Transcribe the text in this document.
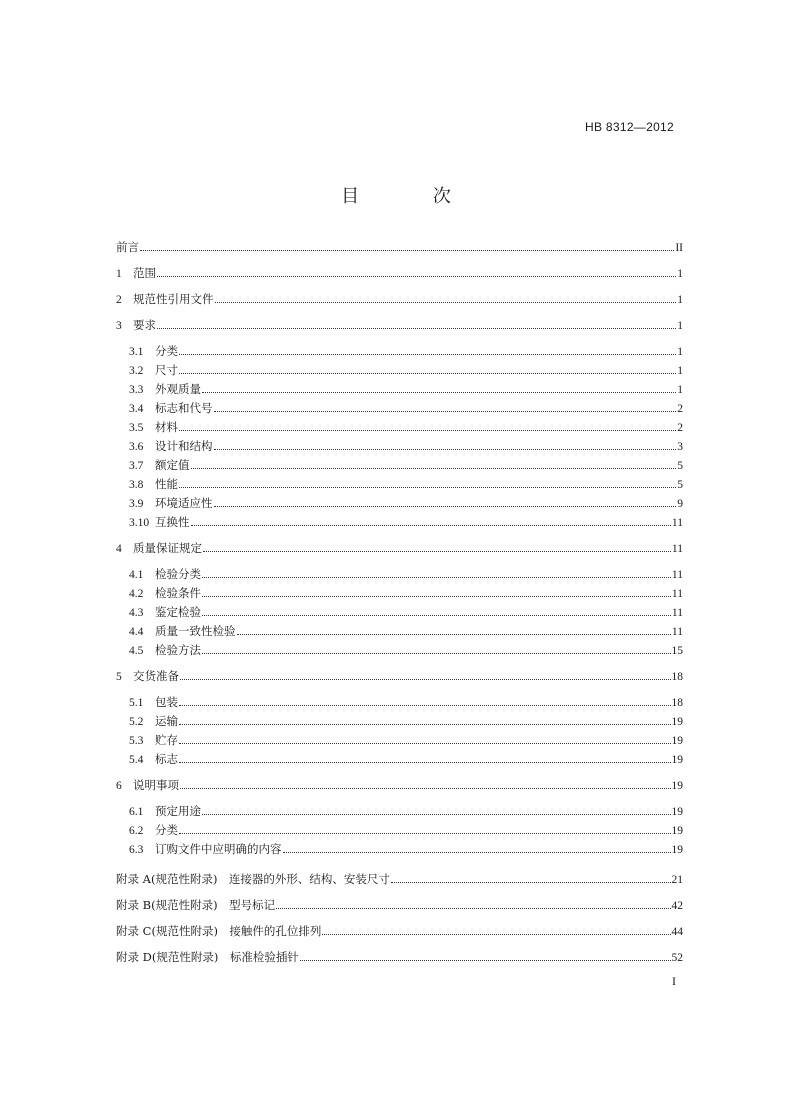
HB 8312—2012
目 次
前言	II
1 范围	1
2 规范性引用文件	1
3 要求	1
3.1	分类	1
3.2	尺寸	1
3.3	外观质量	1
3.4	标志和代号	2
3.5	材料	2
3.6	设计和结构	3
3.7	额定值	5
3.8	性能	5
3.9	环境适应性	9
3.10 互换性	11
4 质量保证规定	11
4.1	检验分类	11
4.2	检验条件	11
4.3	鉴定检验	11
4.4	质量一致性检验	11
4.5	检验方法	15
5 交货准备	18
5.1	包装	18
5.2	运输	19
5.3	贮存	19
5.4	标志	19
6 说明事项	19
6.1	预定用途	19
6.2	分类	19
6.3	订购文件中应明确的内容	19
附录 A(规范性附录)　连接器的外形、结构、安装尺寸	21
附录 B(规范性附录)　型号标记	42
附录 C(规范性附录)　接触件的孔位排列	44
附录 D(规范性附录)　标准检验插针	52
I
